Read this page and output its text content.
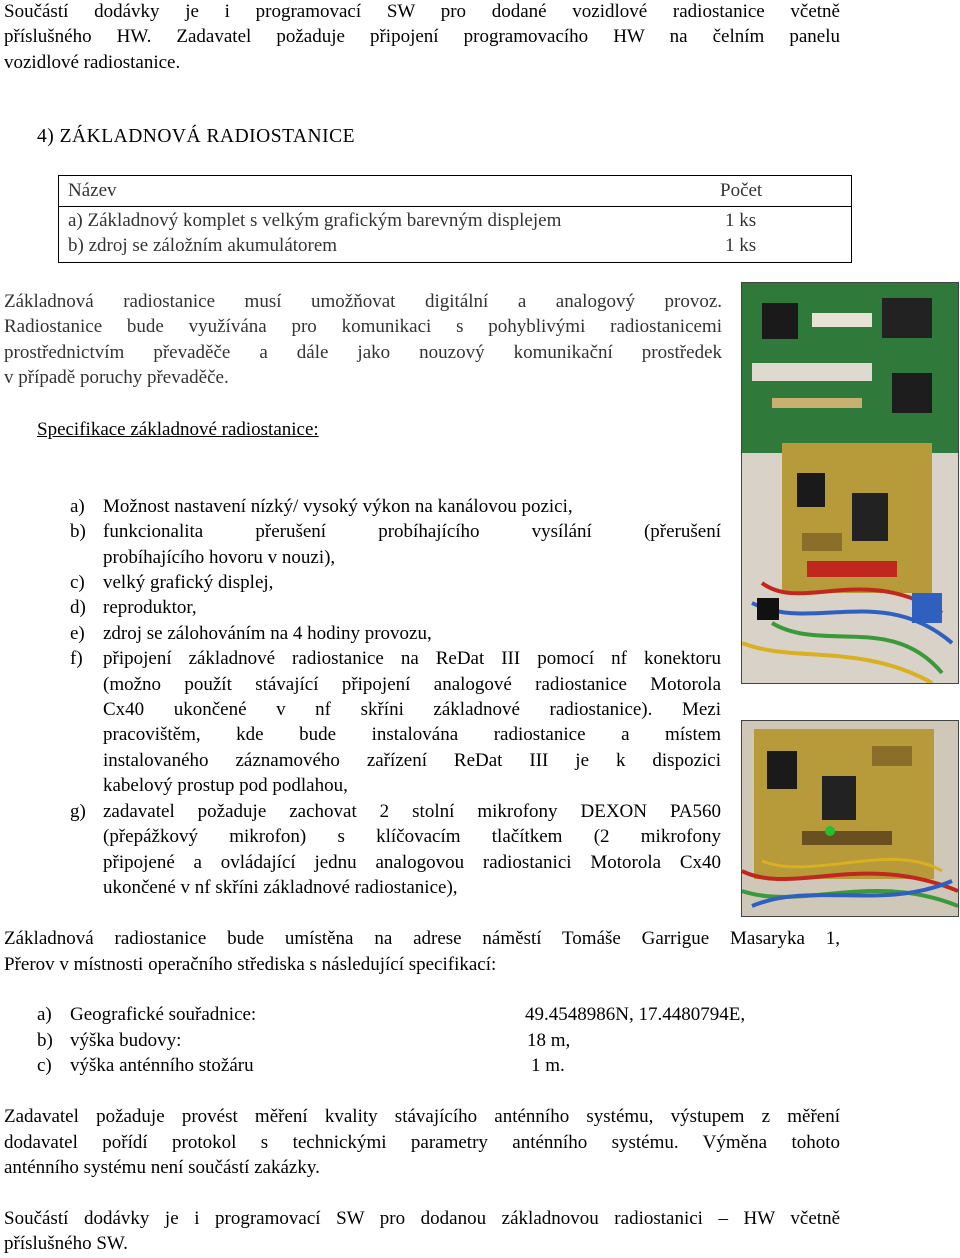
Součástí dodávky je i programovací SW pro dodané vozidlové radiostanice včetně
příslušného HW. Zadavatel požaduje připojení programovacího HW na čelním panelu
vozidlové radiostanice.
4) ZÁKLADNOVÁ RADIOSTANICE
Název	Počet
a) Základnový komplet s velkým grafickým barevným displejem	1 ks
b) zdroj se záložním akumulátorem	1 ks
Základnová radiostanice musí umožňovat digitální a analogový provoz.
Radiostanice bude využívána pro komunikaci s pohyblivými radiostanicemi
prostřednictvím převaděče a dále jako nouzový komunikační prostředek
v případě poruchy převaděče.
Specifikace základnové radiostanice:
a) Možnost nastavení nízký/ vysoký výkon na kanálovou pozici,
b) funkcionalita přerušení probíhajícího vysílání (přerušení
probíhajícího hovoru v nouzi),
c) velký grafický displej,
d) reproduktor,
e) zdroj se zálohováním na 4 hodiny provozu,
f) připojení základnové radiostanice na ReDat III pomocí nf konektoru
(možno použít stávající připojení analogové radiostanice Motorola
Cx40 ukončené v nf skříni základnové radiostanice). Mezi
pracovištěm, kde bude instalována radiostanice a místem
instalovaného záznamového zařízení ReDat III je k dispozici
kabelový prostup pod podlahou,
g) zadavatel požaduje zachovat 2 stolní mikrofony DEXON PA560
(přepážkový mikrofon) s klíčovacím tlačítkem (2 mikrofony
připojené a ovládající jednu analogovou radiostanici Motorola Cx40
ukončené v nf skříni základnové radiostanice),
Základnová radiostanice bude umístěna na adrese náměstí Tomáše Garrigue Masaryka 1,
Přerov v místnosti operačního střediska s následující specifikací:
a) Geografické souřadnice:	49.4548986N, 17.4480794E,
b) výška budovy:	18 m,
c) výška anténního stožáru	1 m.
Zadavatel požaduje provést měření kvality stávajícího anténního systému, výstupem z měření
dodavatel pořídí protokol s technickými parametry anténního systému. Výměna tohoto
anténního systému není součástí zakázky.
Součástí dodávky je i programovací SW pro dodanou základnovou radiostanici – HW včetně
příslušného SW.
